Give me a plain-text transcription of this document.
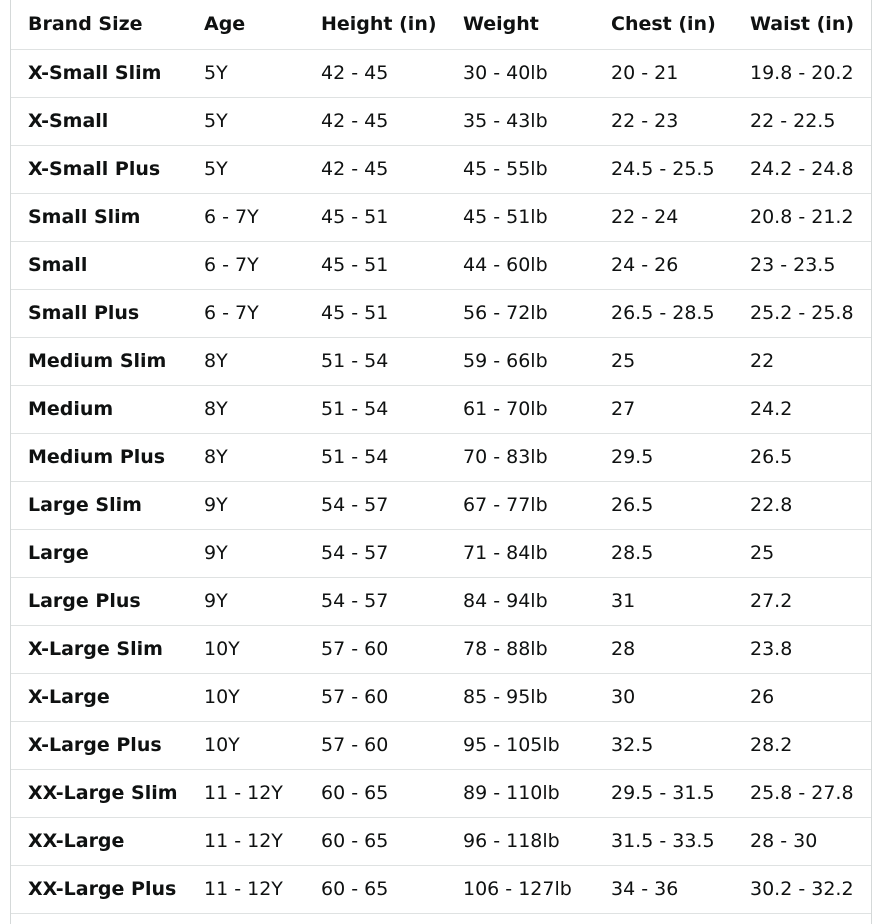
Brand Size	Age	Height (in)	Weight	Chest (in)	Waist (in)
X-Small Slim	5Y	42 - 45	30 - 40lb	20 - 21	19.8 - 20.2
X-Small	5Y	42 - 45	35 - 43lb	22 - 23	22 - 22.5
X-Small Plus	5Y	42 - 45	45 - 55lb	24.5 - 25.5	24.2 - 24.8
Small Slim	6 - 7Y	45 - 51	45 - 51lb	22 - 24	20.8 - 21.2
Small	6 - 7Y	45 - 51	44 - 60lb	24 - 26	23 - 23.5
Small Plus	6 - 7Y	45 - 51	56 - 72lb	26.5 - 28.5	25.2 - 25.8
Medium Slim	8Y	51 - 54	59 - 66lb	25	22
Medium	8Y	51 - 54	61 - 70lb	27	24.2
Medium Plus	8Y	51 - 54	70 - 83lb	29.5	26.5
Large Slim	9Y	54 - 57	67 - 77lb	26.5	22.8
Large	9Y	54 - 57	71 - 84lb	28.5	25
Large Plus	9Y	54 - 57	84 - 94lb	31	27.2
X-Large Slim	10Y	57 - 60	78 - 88lb	28	23.8
X-Large	10Y	57 - 60	85 - 95lb	30	26
X-Large Plus	10Y	57 - 60	95 - 105lb	32.5	28.2
XX-Large Slim	11 - 12Y	60 - 65	89 - 110lb	29.5 - 31.5	25.8 - 27.8
XX-Large	11 - 12Y	60 - 65	96 - 118lb	31.5 - 33.5	28 - 30
XX-Large Plus	11 - 12Y	60 - 65	106 - 127lb	34 - 36	30.2 - 32.2
